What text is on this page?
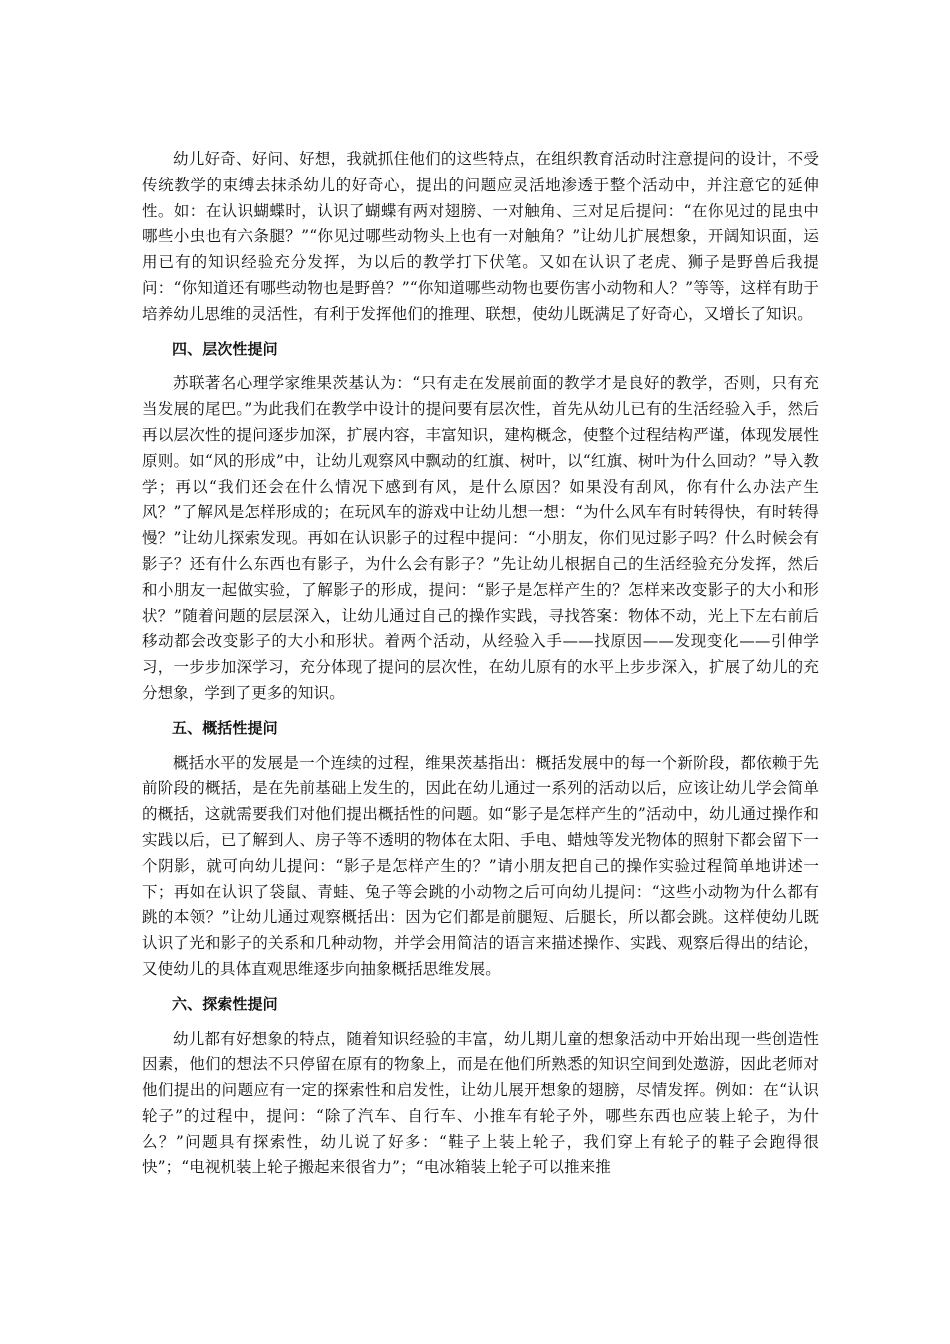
幼儿好奇、好问、好想，我就抓住他们的这些特点，在组织教育活动时注意提问的设计，不受传统教学的束缚去抹杀幼儿的好奇心，提出的问题应灵活地渗透于整个活动中，并注意它的延伸性。如：在认识蝴蝶时，认识了蝴蝶有两对翅膀、一对触角、三对足后提问：“在你见过的昆虫中哪些小虫也有六条腿？”“你见过哪些动物头上也有一对触角？”让幼儿扩展想象，开阔知识面，运用已有的知识经验充分发挥，为以后的教学打下伏笔。又如在认识了老虎、狮子是野兽后我提问：“你知道还有哪些动物也是野兽？”“你知道哪些动物也要伤害小动物和人？”等等，这样有助于培养幼儿思维的灵活性，有利于发挥他们的推理、联想，使幼儿既满足了好奇心，又增长了知识。

四、层次性提问

苏联著名心理学家维果茨基认为：“只有走在发展前面的教学才是良好的教学，否则，只有充当发展的尾巴。”为此我们在教学中设计的提问要有层次性，首先从幼儿已有的生活经验入手，然后再以层次性的提问逐步加深，扩展内容，丰富知识，建构概念，使整个过程结构严谨，体现发展性原则。如“风的形成”中，让幼儿观察风中飘动的红旗、树叶，以“红旗、树叶为什么回动？”导入教学；再以“我们还会在什么情况下感到有风，是什么原因？如果没有刮风，你有什么办法产生风？”了解风是怎样形成的；在玩风车的游戏中让幼儿想一想：“为什么风车有时转得快，有时转得慢？”让幼儿探索发现。再如在认识影子的过程中提问：“小朋友，你们见过影子吗？什么时候会有影子？还有什么东西也有影子，为什么会有影子？”先让幼儿根据自己的生活经验充分发挥，然后和小朋友一起做实验，了解影子的形成，提问：“影子是怎样产生的？怎样来改变影子的大小和形状？”随着问题的层层深入，让幼儿通过自己的操作实践，寻找答案：物体不动，光上下左右前后移动都会改变影子的大小和形状。着两个活动，从经验入手——找原因——发现变化——引伸学习，一步步加深学习，充分体现了提问的层次性，在幼儿原有的水平上步步深入，扩展了幼儿的充分想象，学到了更多的知识。

五、概括性提问

概括水平的发展是一个连续的过程，维果茨基指出：概括发展中的每一个新阶段，都依赖于先前阶段的概括，是在先前基础上发生的，因此在幼儿通过一系列的活动以后，应该让幼儿学会简单的概括，这就需要我们对他们提出概括性的问题。如“影子是怎样产生的”活动中，幼儿通过操作和实践以后，已了解到人、房子等不透明的物体在太阳、手电、蜡烛等发光物体的照射下都会留下一个阴影，就可向幼儿提问：“影子是怎样产生的？”请小朋友把自己的操作实验过程简单地讲述一下；再如在认识了袋鼠、青蛙、兔子等会跳的小动物之后可向幼儿提问：“这些小动物为什么都有跳的本领？”让幼儿通过观察概括出：因为它们都是前腿短、后腿长，所以都会跳。这样使幼儿既认识了光和影子的关系和几种动物，并学会用简洁的语言来描述操作、实践、观察后得出的结论，又使幼儿的具体直观思维逐步向抽象概括思维发展。

六、探索性提问

幼儿都有好想象的特点，随着知识经验的丰富，幼儿期儿童的想象活动中开始出现一些创造性因素，他们的想法不只停留在原有的物象上，而是在他们所熟悉的知识空间到处遨游，因此老师对他们提出的问题应有一定的探索性和启发性，让幼儿展开想象的翅膀，尽情发挥。例如：在“认识轮子”的过程中，提问：“除了汽车、自行车、小推车有轮子外，哪些东西也应装上轮子，为什么？”问题具有探索性，幼儿说了好多：“鞋子上装上轮子，我们穿上有轮子的鞋子会跑得很快”；“电视机装上轮子搬起来很省力”；“电冰箱装上轮子可以推来推
